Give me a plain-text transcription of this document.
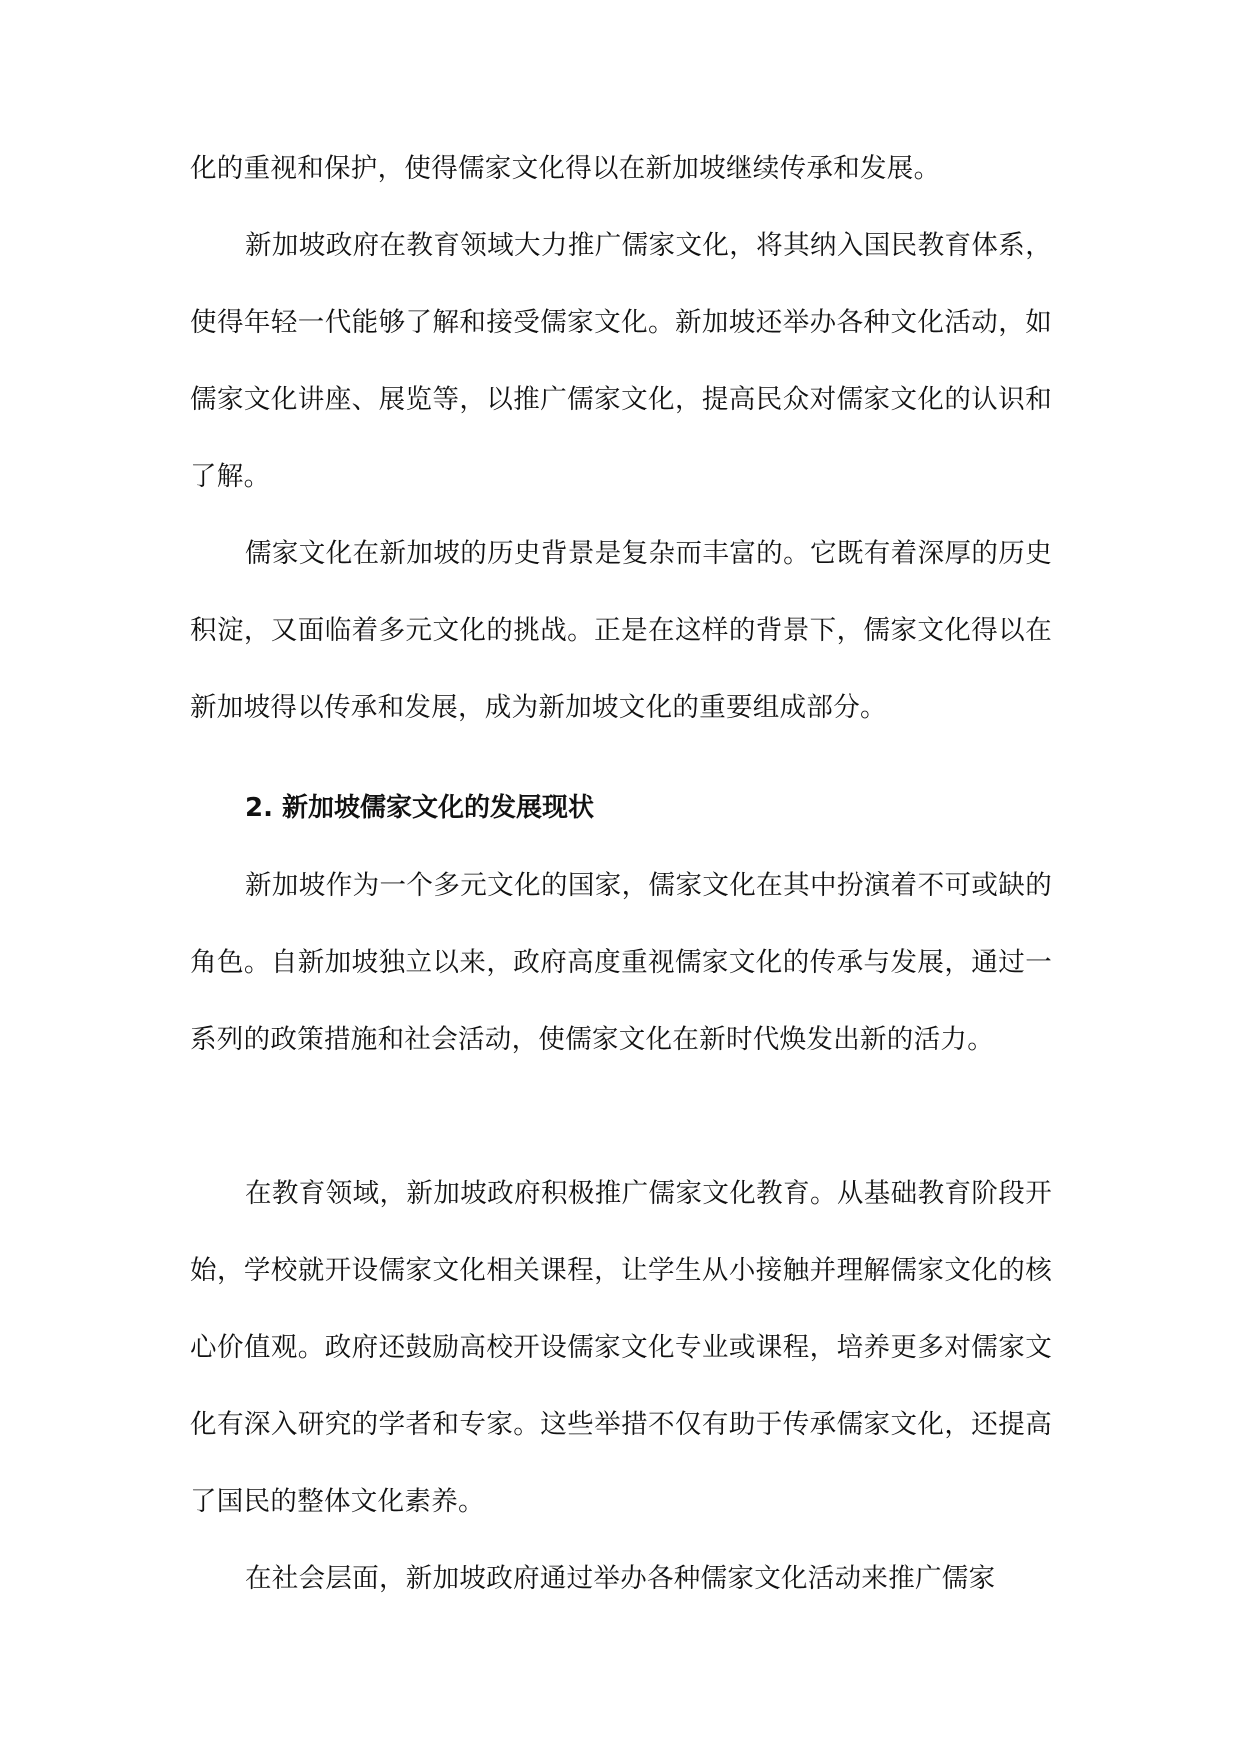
化的重视和保护，使得儒家文化得以在新加坡继续传承和发展。

新加坡政府在教育领域大力推广儒家文化，将其纳入国民教育体系，使得年轻一代能够了解和接受儒家文化。新加坡还举办各种文化活动，如儒家文化讲座、展览等，以推广儒家文化，提高民众对儒家文化的认识和了解。

儒家文化在新加坡的历史背景是复杂而丰富的。它既有着深厚的历史积淀，又面临着多元文化的挑战。正是在这样的背景下，儒家文化得以在新加坡得以传承和发展，成为新加坡文化的重要组成部分。

2. 新加坡儒家文化的发展现状

新加坡作为一个多元文化的国家，儒家文化在其中扮演着不可或缺的角色。自新加坡独立以来，政府高度重视儒家文化的传承与发展，通过一系列的政策措施和社会活动，使儒家文化在新时代焕发出新的活力。

在教育领域，新加坡政府积极推广儒家文化教育。从基础教育阶段开始，学校就开设儒家文化相关课程，让学生从小接触并理解儒家文化的核心价值观。政府还鼓励高校开设儒家文化专业或课程，培养更多对儒家文化有深入研究的学者和专家。这些举措不仅有助于传承儒家文化，还提高了国民的整体文化素养。

在社会层面，新加坡政府通过举办各种儒家文化活动来推广儒家
